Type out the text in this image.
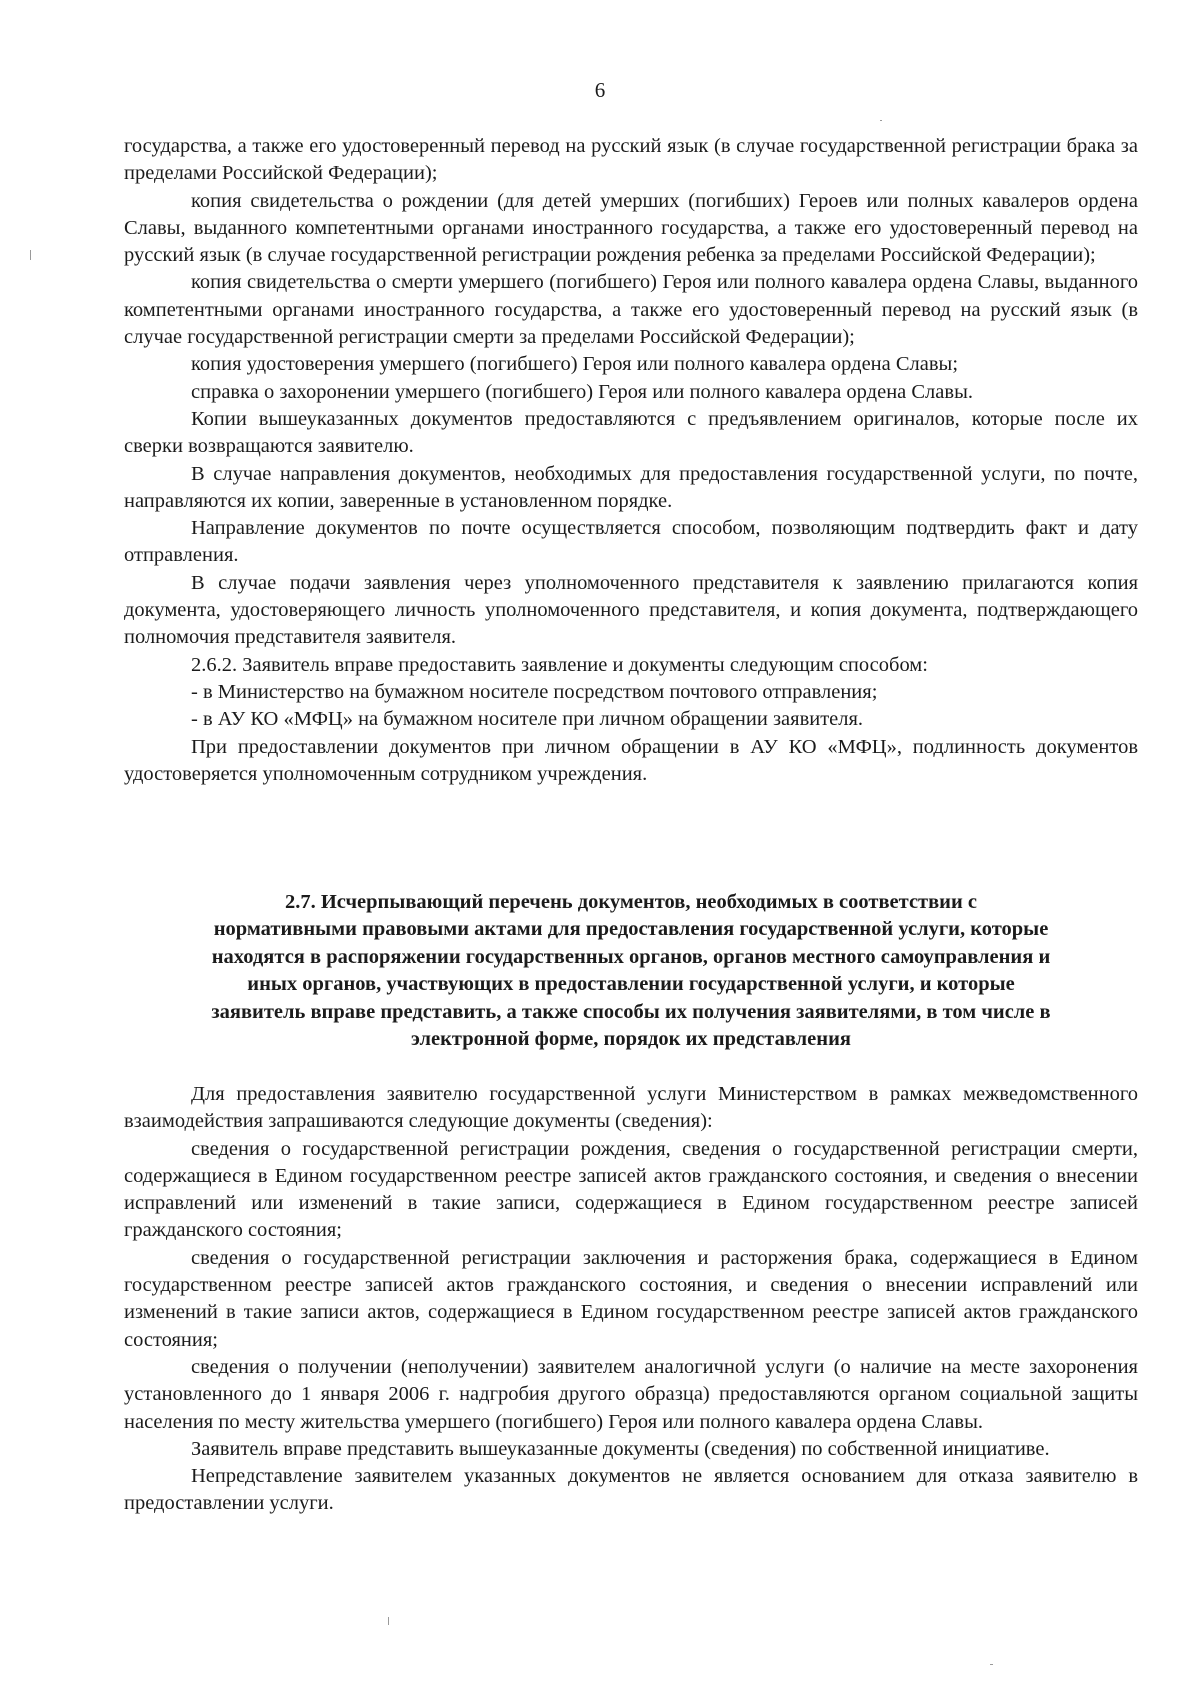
6

государства, а также его удостоверенный перевод на русский язык (в случае государственной регистрации брака за пределами Российской Федерации);

копия свидетельства о рождении (для детей умерших (погибших) Героев или полных кавалеров ордена Славы, выданного компетентными органами иностранного государства, а также его удостоверенный перевод на русский язык (в случае государственной регистрации рождения ребенка за пределами Российской Федерации);

копия свидетельства о смерти умершего (погибшего) Героя или полного кавалера ордена Славы, выданного компетентными органами иностранного государства, а также его удостоверенный перевод на русский язык (в случае государственной регистрации смерти за пределами Российской Федерации);

копия удостоверения умершего (погибшего) Героя или полного кавалера ордена Славы;

справка о захоронении умершего (погибшего) Героя или полного кавалера ордена Славы.

Копии вышеуказанных документов предоставляются с предъявлением оригиналов, которые после их сверки возвращаются заявителю.

В случае направления документов, необходимых для предоставления государственной услуги, по почте, направляются их копии, заверенные в установленном порядке.

Направление документов по почте осуществляется способом, позволяющим подтвердить факт и дату отправления.

В случае подачи заявления через уполномоченного представителя к заявлению прилагаются копия документа, удостоверяющего личность уполномоченного представителя, и копия документа, подтверждающего полномочия представителя заявителя.

2.6.2. Заявитель вправе предоставить заявление и документы следующим способом:

- в Министерство на бумажном носителе посредством почтового отправления;

- в АУ КО «МФЦ» на бумажном носителе при личном обращении заявителя.

При предоставлении документов при личном обращении в АУ КО «МФЦ», подлинность документов удостоверяется уполномоченным сотрудником учреждения.

2.7. Исчерпывающий перечень документов, необходимых в соответствии с

нормативными правовыми актами для предоставления государственной услуги, которые

находятся в распоряжении государственных органов, органов местного самоуправления и

иных органов, участвующих в предоставлении государственной услуги, и которые

заявитель вправе представить, а также способы их получения заявителями, в том числе в

электронной форме, порядок их представления

Для предоставления заявителю государственной услуги Министерством в рамках межведомственного взаимодействия запрашиваются следующие документы (сведения):

сведения о государственной регистрации рождения, сведения о государственной регистрации смерти, содержащиеся в Едином государственном реестре записей актов гражданского состояния, и сведения о внесении исправлений или изменений в такие записи, содержащиеся в Едином государственном реестре записей гражданского состояния;

сведения о государственной регистрации заключения и расторжения брака, содержащиеся в Едином государственном реестре записей актов гражданского состояния, и сведения о внесении исправлений или изменений в такие записи актов, содержащиеся в Едином государственном реестре записей актов гражданского состояния;

сведения о получении (неполучении) заявителем аналогичной услуги (о наличие на месте захоронения установленного до 1 января 2006 г. надгробия другого образца) предоставляются органом социальной защиты населения по месту жительства умершего (погибшего) Героя или полного кавалера ордена Славы.

Заявитель вправе представить вышеуказанные документы (сведения) по собственной инициативе.

Непредставление заявителем указанных документов не является основанием для отказа заявителю в предоставлении услуги.
